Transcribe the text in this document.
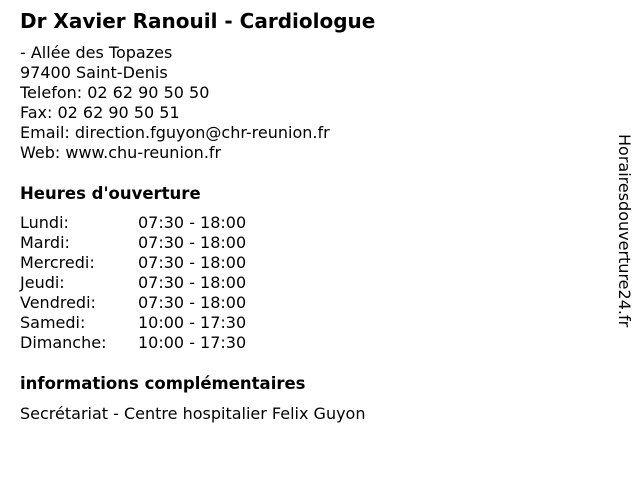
Dr Xavier Ranouil - Cardiologue
- Allée des Topazes
97400 Saint-Denis
Telefon: 02 62 90 50 50
Fax: 02 62 90 50 51
Email: direction.fguyon@chr-reunion.fr
Web: www.chu-reunion.fr
Heures d'ouverture
Lundi:	07:30 - 18:00
Mardi:	07:30 - 18:00
Mercredi:	07:30 - 18:00
Jeudi:	07:30 - 18:00
Vendredi:	07:30 - 18:00
Samedi:	10:00 - 17:30
Dimanche:	10:00 - 17:30
informations complémentaires
Secrétariat - Centre hospitalier Felix Guyon
Horairesdouverture24.fr
